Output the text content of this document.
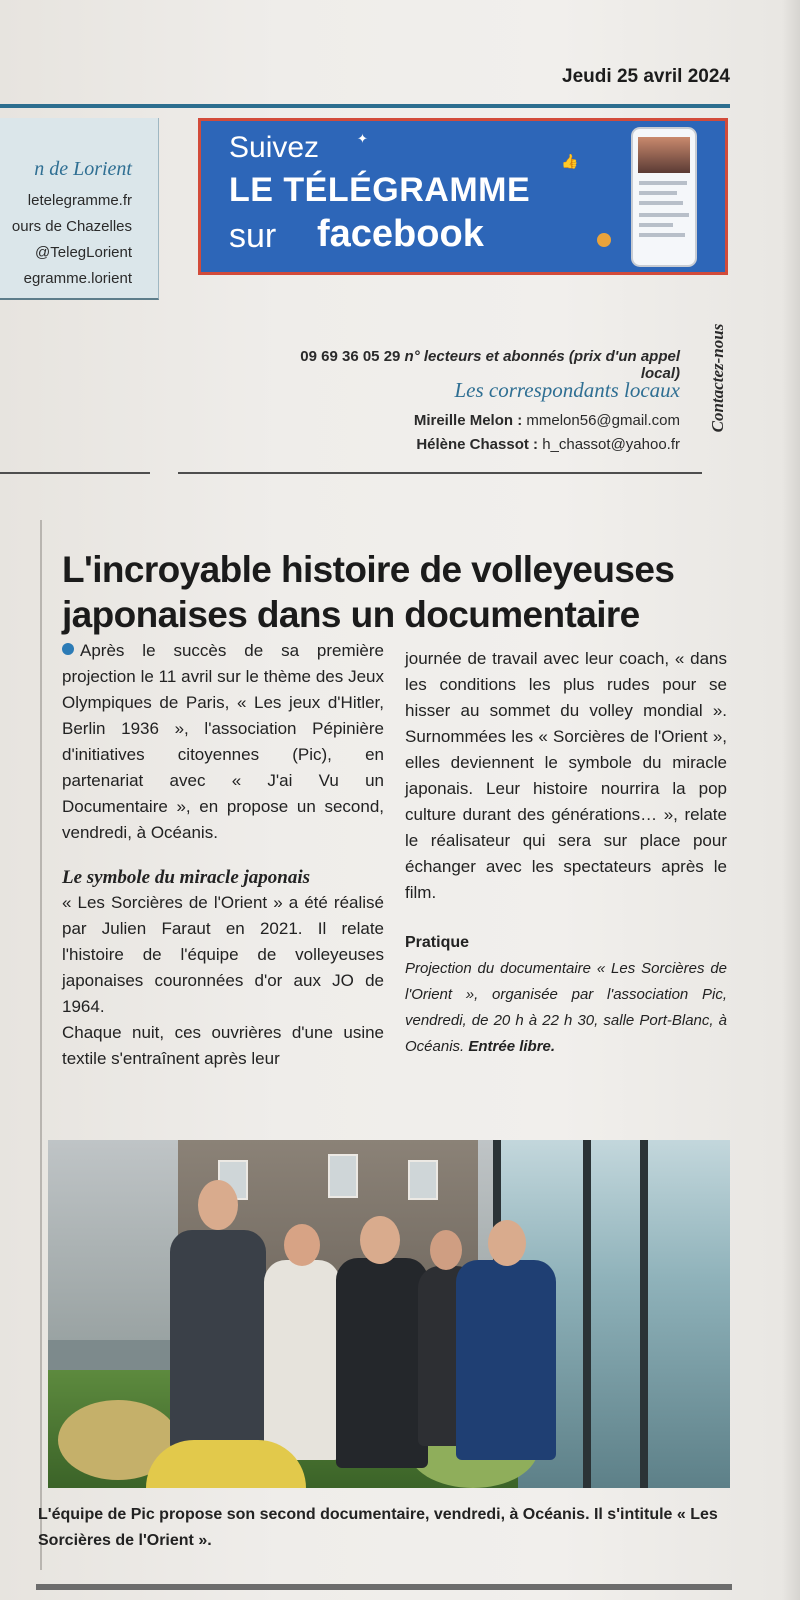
Jeudi 25 avril 2024
n de Lorient
letelegramme.fr
ours de Chazelles
@TelegLorient
egramme.lorient
Suivez	✦
LE TÉLÉGRAMME
sur facebook
👍
Contactez-nous
09 69 36 05 29 n° lecteurs et abonnés (prix d'un appel local)
Les correspondants locaux
Mireille Melon : mmelon56@gmail.com
Hélène Chassot : h_chassot@yahoo.fr
L'incroyable histoire de volleyeuses japonaises dans un documentaire

Après le succès de sa première projection le 11 avril sur le thème des Jeux Olympiques de Paris, « Les jeux d'Hitler, Berlin 1936 », l'association Pépinière d'initiatives citoyennes (Pic), en partenariat avec « J'ai Vu un Documentaire », en propose un second, vendredi, à Océanis.

Le symbole du miracle japonais

« Les Sorcières de l'Orient » a été réalisé par Julien Faraut en 2021. Il relate l'histoire de l'équipe de volleyeuses japonaises couronnées d'or aux JO de 1964.

Chaque nuit, ces ouvrières d'une usine textile s'entraînent après leur

journée de travail avec leur coach, « dans les conditions les plus rudes pour se hisser au sommet du volley mondial ». Surnommées les « Sorcières de l'Orient », elles deviennent le symbole du miracle japonais. Leur histoire nourrira la pop culture durant des générations… », relate le réalisateur qui sera sur place pour échanger avec les spectateurs après le film.

Pratique

Projection du documentaire « Les Sorcières de l'Orient », organisée par l'association Pic, vendredi, de 20 h à 22 h 30, salle Port-Blanc, à Océanis. Entrée libre.

L'équipe de Pic propose son second documentaire, vendredi, à Océanis. Il s'intitule « Les Sorcières de l'Orient ».
